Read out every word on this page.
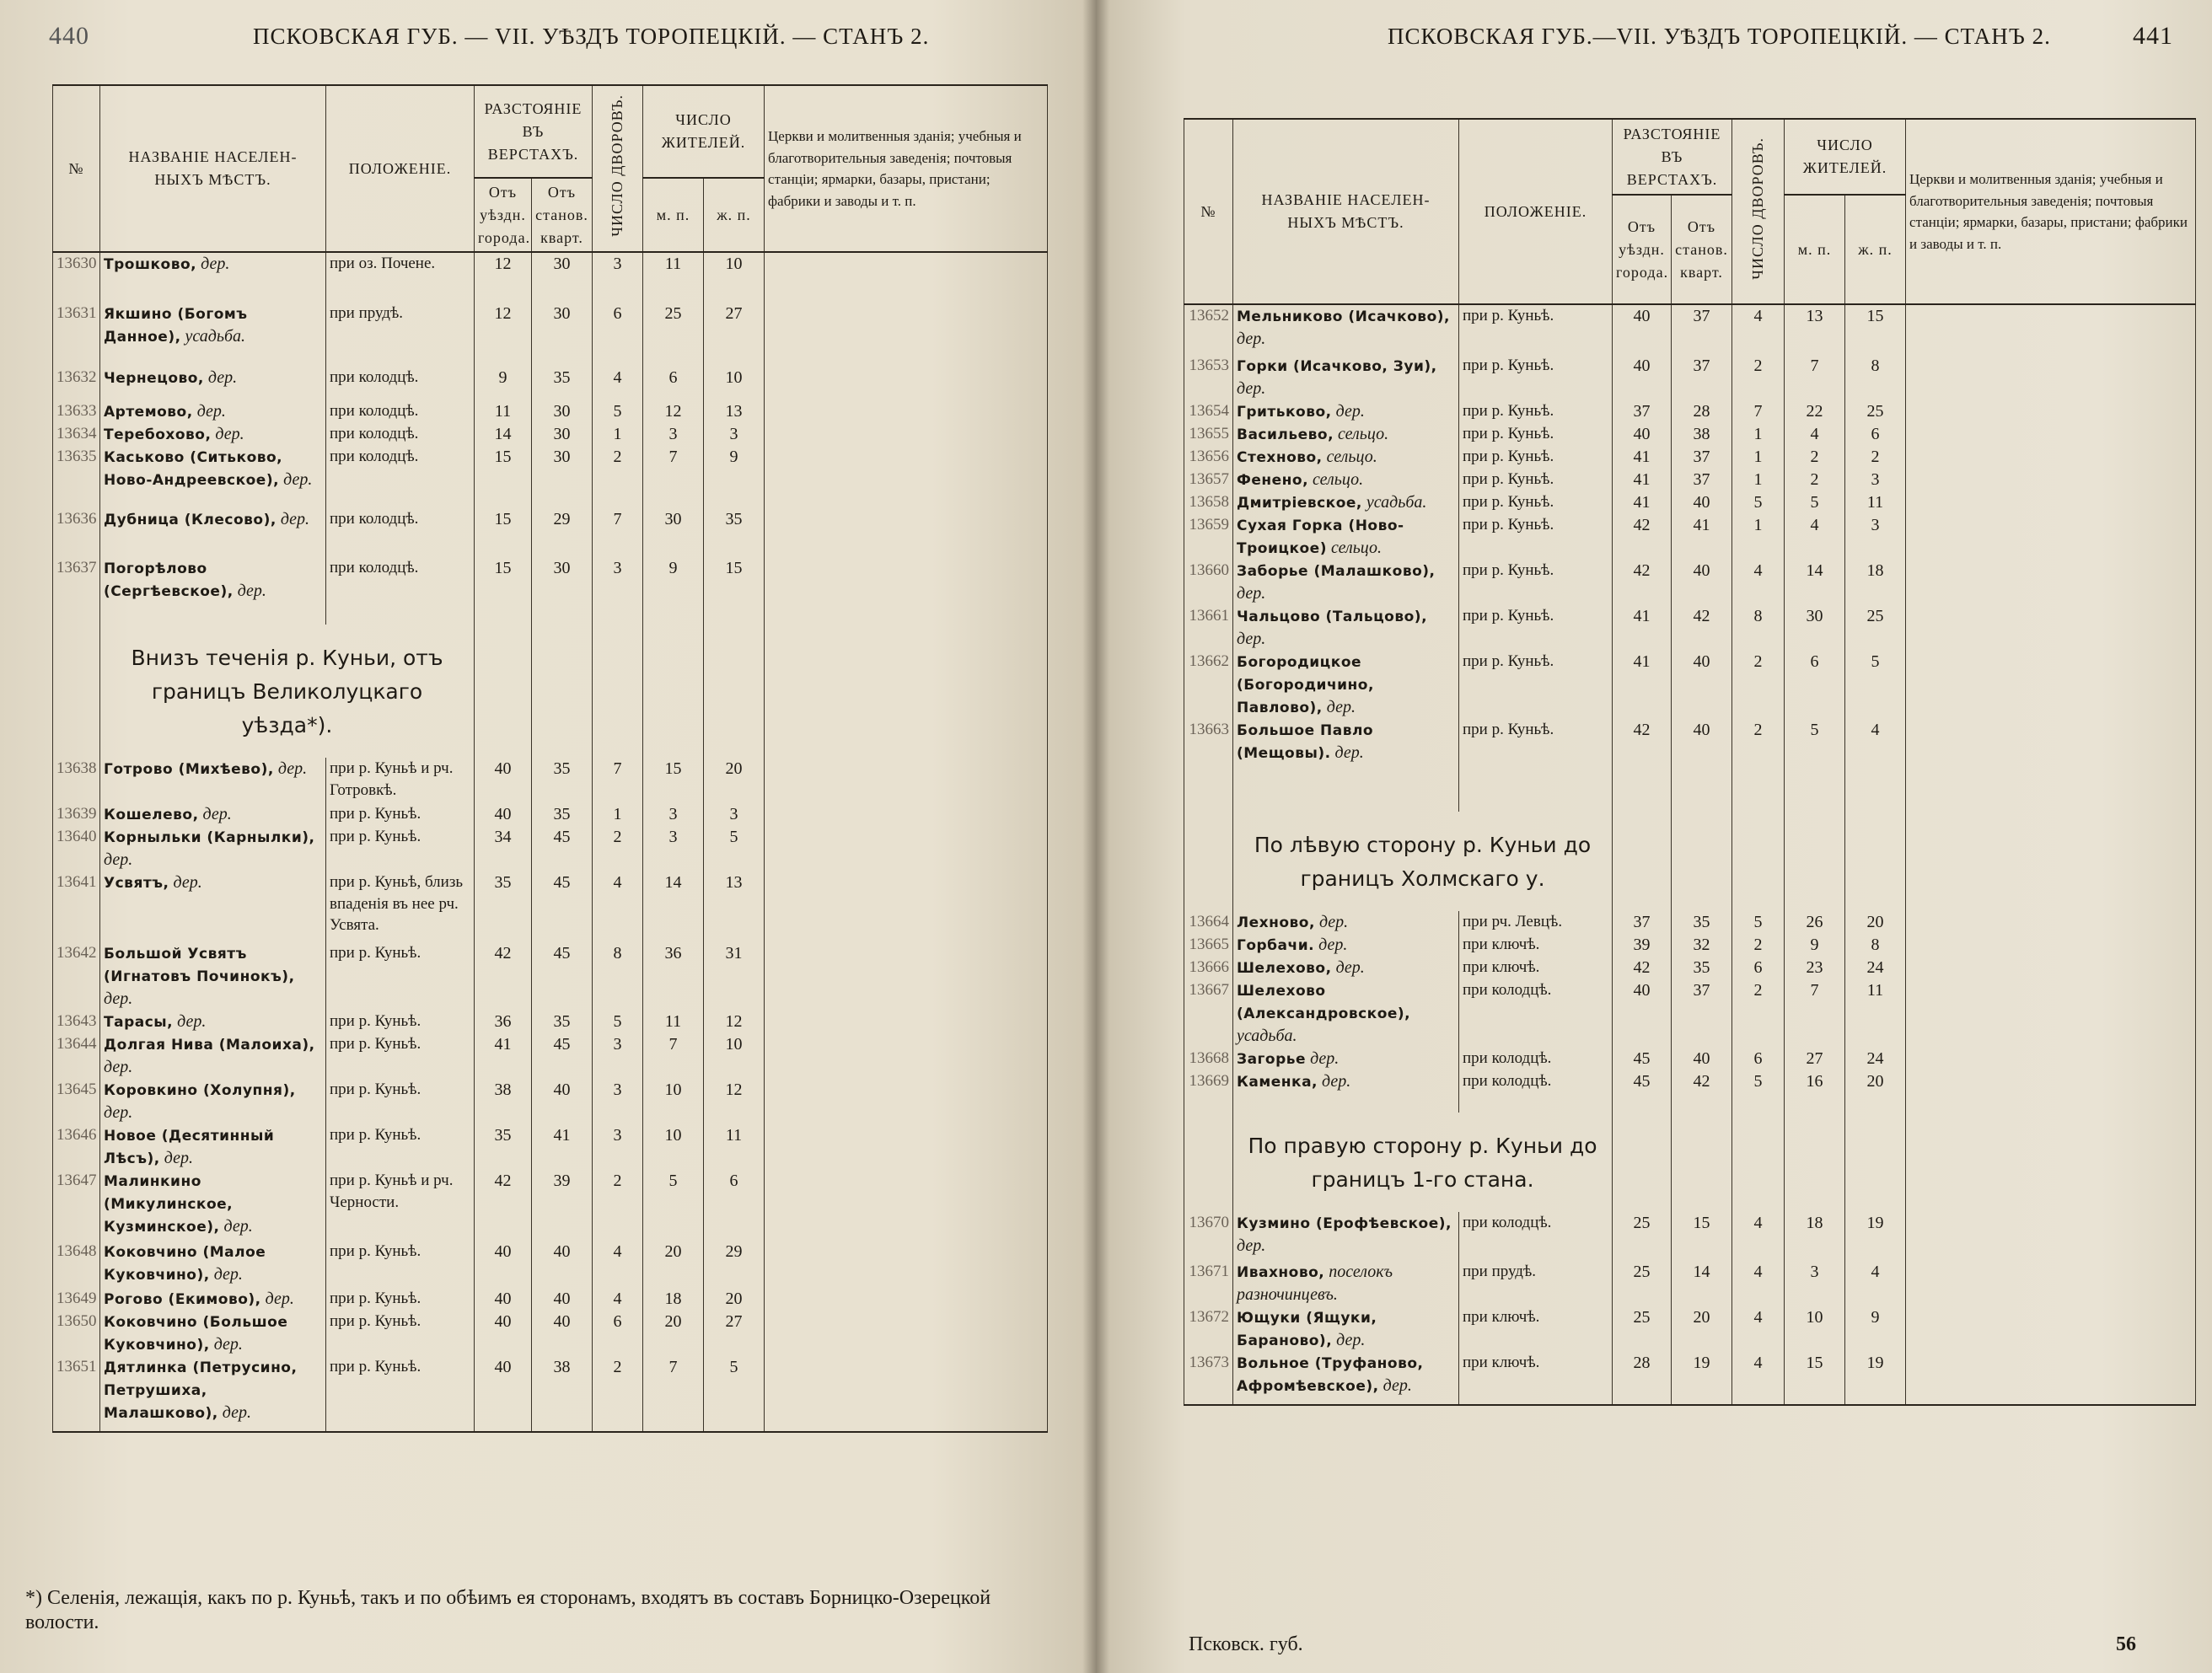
440	ПСКОВСКАЯ ГУБ. — VII. УѢЗДЪ ТОРОПЕЦКІЙ. — СТАНЪ 2.
№	НАЗВАНІЕ НАСЕЛЕН- НЫХЪ МѢСТЪ.	ПОЛОЖЕНІЕ.	РАЗСТОЯНІЕ ВЪ ВЕРСТАХЪ.		ЧИСЛО ДВОРОВЪ.	ЧИСЛО ЖИТЕЛЕЙ.		Церкви и молитвенныя зданія; учебныя и благотворительныя заведенія; почтовыя станціи; ярмарки, базары, пристани; фабрики и заводы и т. п.
			Отъ уѣздн. города.	Отъ станов. кварт.		м. п.	ж. п.	
13630	Трошково, дер.	при оз. Почене.	12	30	3	11	10	
13631	Якшино (Богомъ Данное), усадьба.	при прудѣ.	12	30	6	25	27	
13632	Чернецово, дер.	при колодцѣ.	9	35	4	6	10	
13633	Артемово, дер.	при колодцѣ.	11	30	5	12	13	
13634	Теребохово, дер.	при колодцѣ.	14	30	1	3	3	
13635	Каськово (Ситьково, Ново-Андреевское), дер.	при колодцѣ.	15	30	2	7	9	
13636	Дубница (Клесово), дер.	при колодцѣ.	15	29	7	30	35	
13637	Погорѣлово (Сергѣевское), дер.	при колодцѣ.	15	30	3	9	15	
	Внизъ теченія р. Куньи, отъ границъ Великолуцкаго уѣзда*).							
13638	Готрово (Михѣево), дер.	при р. Куньѣ и рч. Готровкѣ.	40	35	7	15	20	
13639	Кошелево, дер.	при р. Куньѣ.	40	35	1	3	3	
13640	Корныльки (Карнылки), дер.	при р. Куньѣ.	34	45	2	3	5	
13641	Усвятъ, дер.	при р. Куньѣ, близь впаденія въ нее рч. Усвята.	35	45	4	14	13	
13642	Большой Усвятъ (Игнатовъ Починокъ), дер.	при р. Куньѣ.	42	45	8	36	31	
13643	Тарасы, дер.	при р. Куньѣ.	36	35	5	11	12	
13644	Долгая Нива (Малоиха), дер.	при р. Куньѣ.	41	45	3	7	10	
13645	Коровкино (Холупня), дер.	при р. Куньѣ.	38	40	3	10	12	
13646	Новое (Десятинный Лѣсъ), дер.	при р. Куньѣ.	35	41	3	10	11	
13647	Малинкино (Микулинское, Кузминское), дер.	при р. Куньѣ и рч. Черности.	42	39	2	5	6	
13648	Коковчино (Малое Куковчино), дер.	при р. Куньѣ.	40	40	4	20	29	
13649	Рогово (Екимово), дер.	при р. Куньѣ.	40	40	4	18	20	
13650	Коковчино (Большое Куковчино), дер.	при р. Куньѣ.	40	40	6	20	27	
13651	Дятлинка (Петрусино, Петрушиха, Малашково), дер.	при р. Куньѣ.	40	38	2	7	5	

*) Селенія, лежащія, какъ по р. Куньѣ, такъ и по обѣимъ ея сторонамъ, входятъ въ составъ Борницко-Озерецкой волости.
ПСКОВСКАЯ ГУБ.—VII. УѢЗДЪ ТОРОПЕЦКІЙ. — СТАНЪ 2.	441
№	НАЗВАНІЕ НАСЕЛЕН- НЫХЪ МѢСТЪ.	ПОЛОЖЕНІЕ.	РАЗСТОЯНІЕ ВЪ ВЕРСТАХЪ.		ЧИСЛО ДВОРОВЪ.	ЧИСЛО ЖИТЕЛЕЙ.		Церкви и молитвенныя зданія; учебныя и благотворительныя заведенія; почтовыя станціи; ярмарки, базары, пристани; фабрики и заводы и т. п.
			Отъ уѣздн. города.	Отъ станов. кварт.		м. п.	ж. п.	
13652	Мельниково (Исачково), дер.	при р. Куньѣ.	40	37	4	13	15	
13653	Горки (Исачково, Зуи), дер.	при р. Куньѣ.	40	37	2	7	8	
13654	Гритьково, дер.	при р. Куньѣ.	37	28	7	22	25	
13655	Васильево, сельцо.	при р. Куньѣ.	40	38	1	4	6	
13656	Стехново, сельцо.	при р. Куньѣ.	41	37	1	2	2	
13657	Фенено, сельцо.	при р. Куньѣ.	41	37	1	2	3	
13658	Дмитріевское, усадьба.	при р. Куньѣ.	41	40	5	5	11	
13659	Сухая Горка (Ново-Троицкое) сельцо.	при р. Куньѣ.	42	41	1	4	3	
13660	Заборье (Малашково), дер.	при р. Куньѣ.	42	40	4	14	18	
13661	Чальцово (Тальцово), дер.	при р. Куньѣ.	41	42	8	30	25	
13662	Богородицкое (Богородичино, Павлово), дер.	при р. Куньѣ.	41	40	2	6	5	
13663	Большое Павло (Мещовы). дер.	при р. Куньѣ.	42	40	2	5	4	
	По лѣвую сторону р. Куньи до границъ Холмскаго у.							
13664	Лехново, дер.	при рч. Левцѣ.	37	35	5	26	20	
13665	Горбачи. дер.	при ключѣ.	39	32	2	9	8	
13666	Шелехово, дер.	при ключѣ.	42	35	6	23	24	
13667	Шелехово (Александровское), усадьба.	при колодцѣ.	40	37	2	7	11	
13668	Загорье дер.	при колодцѣ.	45	40	6	27	24	
13669	Каменка, дер.	при колодцѣ.	45	42	5	16	20	
	По правую сторону р. Куньи до границъ 1-го стана.							
13670	Кузмино (Ерофѣевское), дер.	при колодцѣ.	25	15	4	18	19	
13671	Ивахново, поселокъ разночинцевъ.	при прудѣ.	25	14	4	3	4	
13672	Ющуки (Ящуки, Бараново), дер.	при ключѣ.	25	20	4	10	9	
13673	Вольное (Труфаново, Афромѣевское), дер.	при ключѣ.	28	19	4	15	19	

Псковск. губ.	56
